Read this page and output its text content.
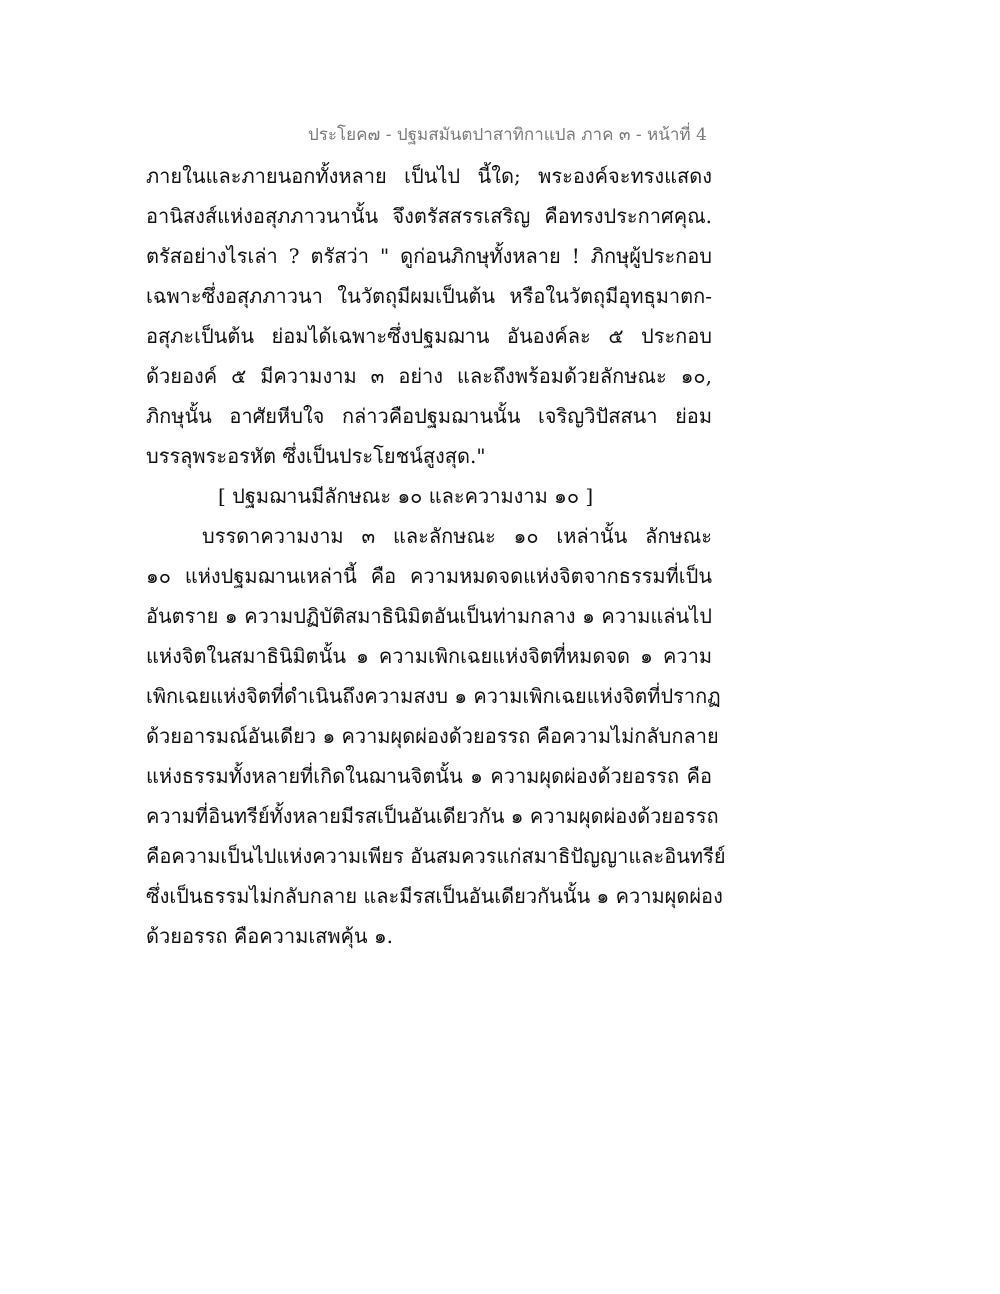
ประโยค๗ - ปฐมสมันตปาสาทิกาแปล ภาค ๓ - หน้าที่ 4
ภายในและภายนอกทั้งหลาย เป็นไป นี้ใด; พระองค์จะทรงแสดง
อานิสงส์แห่งอสุภภาวนานั้น จึงตรัสสรรเสริญ คือทรงประกาศคุณ.
ตรัสอย่างไรเล่า ? ตรัสว่า " ดูก่อนภิกษุทั้งหลาย ! ภิกษุผู้ประกอบ
เฉพาะซึ่งอสุภภาวนา ในวัตถุมีผมเป็นต้น หรือในวัตถุมีอุทธุมาตก-
อสุภะเป็นต้น ย่อมได้เฉพาะซึ่งปฐมฌาน อันองค์ละ ๕ ประกอบ
ด้วยองค์ ๕ มีความงาม ๓ อย่าง และถึงพร้อมด้วยลักษณะ ๑๐,
ภิกษุนั้น อาศัยหีบใจ กล่าวคือปฐมฌานนั้น เจริญวิปัสสนา ย่อม
บรรลุพระอรหัต ซึ่งเป็นประโยชน์สูงสุด."
[ ปฐมฌานมีลักษณะ ๑๐ และความงาม ๑๐ ]
บรรดาความงาม ๓ และลักษณะ ๑๐ เหล่านั้น ลักษณะ
๑๐ แห่งปฐมฌานเหล่านี้ คือ ความหมดจดแห่งจิตจากธรรมที่เป็น
อันตราย ๑ ความปฏิบัติสมาธินิมิตอันเป็นท่ามกลาง ๑ ความแล่นไป
แห่งจิตในสมาธินิมิตนั้น ๑ ความเพิกเฉยแห่งจิตที่หมดจด ๑ ความ
เพิกเฉยแห่งจิตที่ดำเนินถึงความสงบ ๑ ความเพิกเฉยแห่งจิตที่ปรากฏ
ด้วยอารมณ์อันเดียว ๑ ความผุดผ่องด้วยอรรถ คือความไม่กลับกลาย
แห่งธรรมทั้งหลายที่เกิดในฌานจิตนั้น ๑ ความผุดผ่องด้วยอรรถ คือ
ความที่อินทรีย์ทั้งหลายมีรสเป็นอันเดียวกัน ๑ ความผุดผ่องด้วยอรรถ
คือความเป็นไปแห่งความเพียร อันสมควรแก่สมาธิปัญญาและอินทรีย์
ซึ่งเป็นธรรมไม่กลับกลาย และมีรสเป็นอันเดียวกันนั้น ๑ ความผุดผ่อง
ด้วยอรรถ คือความเสพคุ้น ๑.
